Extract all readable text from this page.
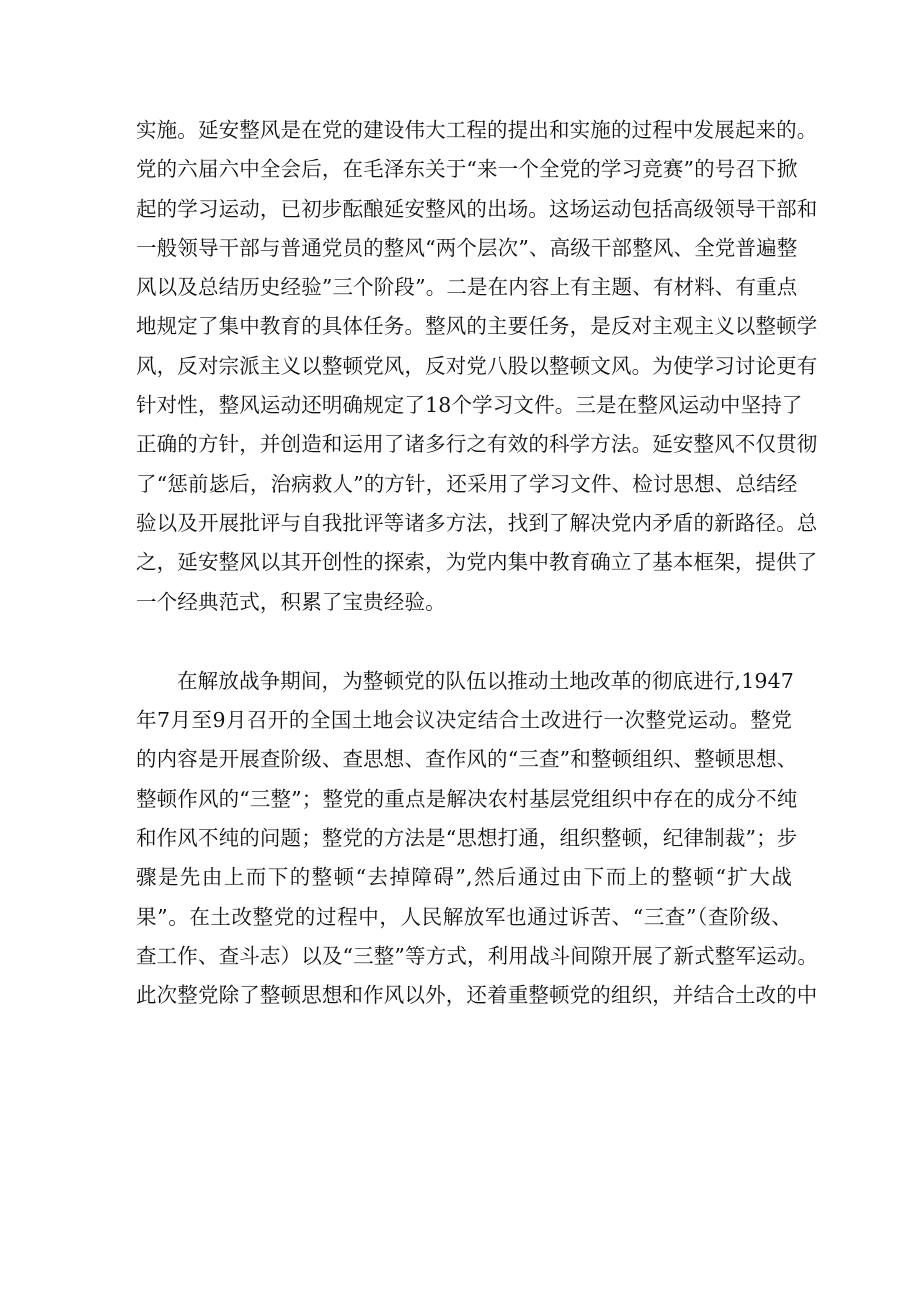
实施。延安整风是在党的建设伟大工程的提出和实施的过程中发展起来的。
党的六届六中全会后，在毛泽东关于“来一个全党的学习竞赛”的号召下掀
起的学习运动，已初步酝酿延安整风的出场。这场运动包括高级领导干部和
一般领导干部与普通党员的整风“两个层次”、高级干部整风、全党普遍整
风以及总结历史经验”三个阶段”。二是在内容上有主题、有材料、有重点
地规定了集中教育的具体任务。整风的主要任务，是反对主观主义以整顿学
风，反对宗派主义以整顿党风，反对党八股以整顿文风。为使学习讨论更有
针对性，整风运动还明确规定了18个学习文件。三是在整风运动中坚持了
正确的方针，并创造和运用了诸多行之有效的科学方法。延安整风不仅贯彻
了“惩前毖后，治病救人”的方针，还采用了学习文件、检讨思想、总结经
验以及开展批评与自我批评等诸多方法，找到了解决党内矛盾的新路径。总
之，延安整风以其开创性的探索，为党内集中教育确立了基本框架，提供了
一个经典范式，积累了宝贵经验。
在解放战争期间，为整顿党的队伍以推动土地改革的彻底进行,1947
年7月至9月召开的全国土地会议决定结合土改进行一次整党运动。整党
的内容是开展查阶级、查思想、查作风的“三查”和整顿组织、整顿思想、
整顿作风的“三整”；整党的重点是解决农村基层党组织中存在的成分不纯
和作风不纯的问题；整党的方法是“思想打通，组织整顿，纪律制裁”；步
骤是先由上而下的整顿“去掉障碍”,然后通过由下而上的整顿“扩大战
果”。在土改整党的过程中，人民解放军也通过诉苦、“三查”（查阶级、
查工作、查斗志）以及“三整”等方式，利用战斗间隙开展了新式整军运动。
此次整党除了整顿思想和作风以外，还着重整顿党的组织，并结合土改的中
